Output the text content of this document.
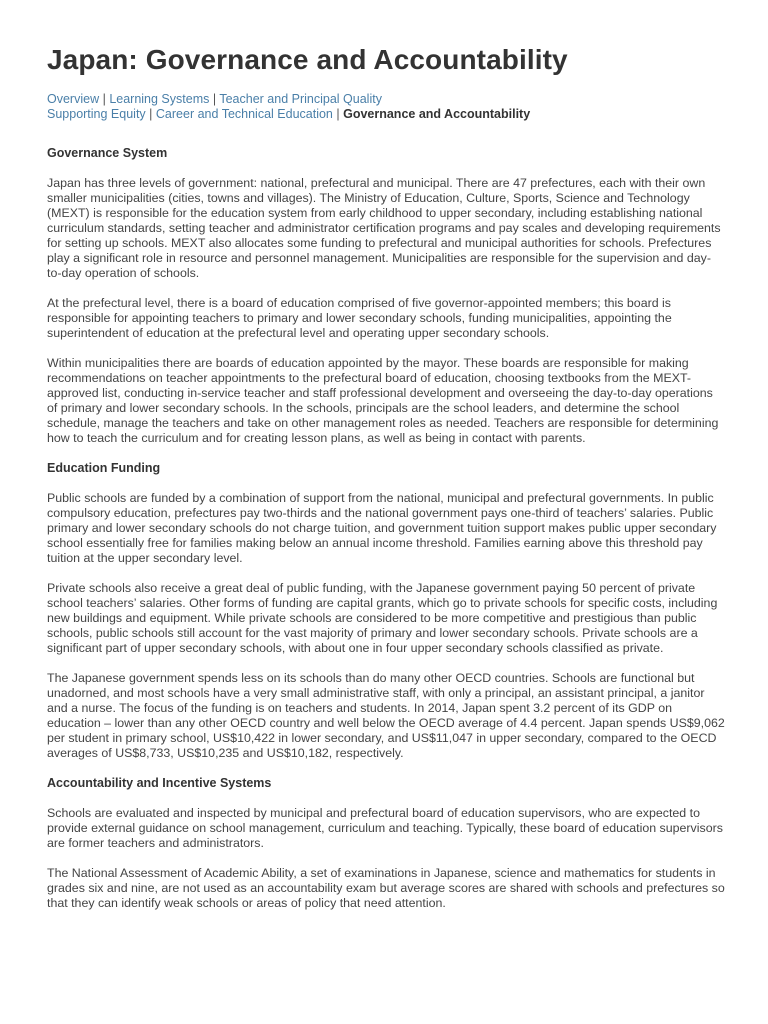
Japan: Governance and Accountability
Overview | Learning Systems | Teacher and Principal Quality
Supporting Equity | Career and Technical Education | Governance and Accountability
Governance System

Japan has three levels of government: national, prefectural and municipal. There are 47 prefectures, each with their own smaller municipalities (cities, towns and villages). The Ministry of Education, Culture, Sports, Science and Technology (MEXT) is responsible for the education system from early childhood to upper secondary, including establishing national curriculum standards, setting teacher and administrator certification programs and pay scales and developing requirements for setting up schools. MEXT also allocates some funding to prefectural and municipal authorities for schools. Prefectures play a significant role in resource and personnel management. Municipalities are responsible for the supervision and day-to-day operation of schools.

At the prefectural level, there is a board of education comprised of five governor-appointed members; this board is responsible for appointing teachers to primary and lower secondary schools, funding municipalities, appointing the superintendent of education at the prefectural level and operating upper secondary schools.

Within municipalities there are boards of education appointed by the mayor. These boards are responsible for making recommendations on teacher appointments to the prefectural board of education, choosing textbooks from the MEXT-approved list, conducting in-service teacher and staff professional development and overseeing the day-to-day operations of primary and lower secondary schools. In the schools, principals are the school leaders, and determine the school schedule, manage the teachers and take on other management roles as needed. Teachers are responsible for determining how to teach the curriculum and for creating lesson plans, as well as being in contact with parents.

Education Funding

Public schools are funded by a combination of support from the national, municipal and prefectural governments. In public compulsory education, prefectures pay two-thirds and the national government pays one-third of teachers’ salaries. Public primary and lower secondary schools do not charge tuition, and government tuition support makes public upper secondary school essentially free for families making below an annual income threshold. Families earning above this threshold pay tuition at the upper secondary level.

Private schools also receive a great deal of public funding, with the Japanese government paying 50 percent of private school teachers’ salaries. Other forms of funding are capital grants, which go to private schools for specific costs, including new buildings and equipment. While private schools are considered to be more competitive and prestigious than public schools, public schools still account for the vast majority of primary and lower secondary schools. Private schools are a significant part of upper secondary schools, with about one in four upper secondary schools classified as private.

The Japanese government spends less on its schools than do many other OECD countries. Schools are functional but unadorned, and most schools have a very small administrative staff, with only a principal, an assistant principal, a janitor and a nurse. The focus of the funding is on teachers and students. In 2014, Japan spent 3.2 percent of its GDP on education – lower than any other OECD country and well below the OECD average of 4.4 percent. Japan spends US$9,062 per student in primary school, US$10,422 in lower secondary, and US$11,047 in upper secondary, compared to the OECD averages of US$8,733, US$10,235 and US$10,182, respectively.

Accountability and Incentive Systems

Schools are evaluated and inspected by municipal and prefectural board of education supervisors, who are expected to provide external guidance on school management, curriculum and teaching. Typically, these board of education supervisors are former teachers and administrators.

The National Assessment of Academic Ability, a set of examinations in Japanese, science and mathematics for students in grades six and nine, are not used as an accountability exam but average scores are shared with schools and prefectures so that they can identify weak schools or areas of policy that need attention.
